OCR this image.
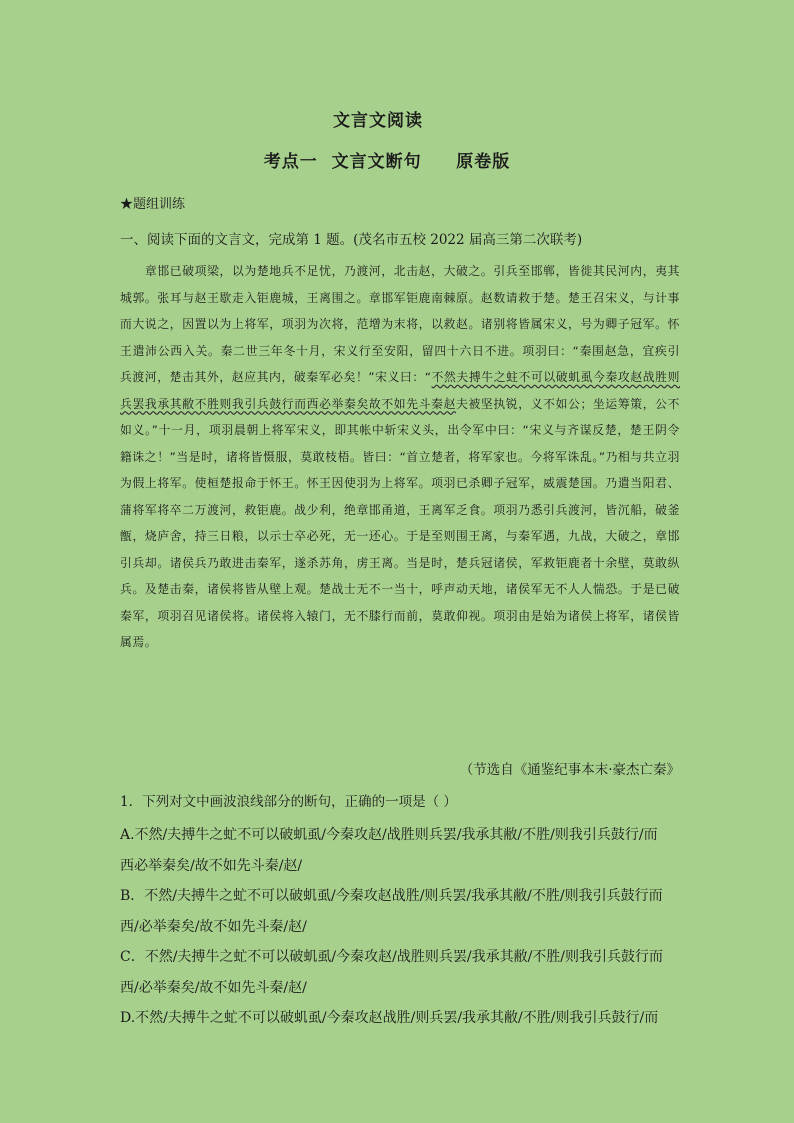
文言文阅读
考点一  文言文断句     原卷版
★题组训练
一、阅读下面的文言文，完成第 1 题。(茂名市五校 2022 届高三第二次联考)
　　章邯已破项梁，以为楚地兵不足忧，乃渡河，北击赵，大破之。引兵至邯郸，皆徙其民河内，夷其城郭。张耳与赵王歇走入钜鹿城，王离围之。章邯军钜鹿南棘原。赵数请救于楚。楚王召宋义，与计事而大说之，因置以为上将军，项羽为次将，范增为末将，以救赵。诸别将皆属宋义，号为卿子冠军。怀王遣沛公西入关。秦二世三年冬十月，宋义行至安阳，留四十六日不进。项羽曰：“秦围赵急，宜疾引兵渡河，楚击其外，赵应其内，破秦军必矣！”宋义曰：“不然夫搏牛之蛀不可以破虮虱今秦攻赵战胜则兵罢我承其敝不胜则我引兵鼓行而西必举秦矣故不如先斗秦赵夫被坚执锐，义不如公；坐运筹策，公不如义。”十一月，项羽晨朝上将军宋义，即其帐中斩宋义头，出令军中曰：“宋义与齐谋反楚，楚王阴令籍诛之！”当是时，诸将皆慑服，莫敢枝梧。皆曰：“首立楚者，将军家也。今将军诛乱。”乃相与共立羽为假上将军。使桓楚报命于怀王。怀王因使羽为上将军。项羽已杀卿子冠军，威震楚国。乃遣当阳君、蒲将军将卒二万渡河，救钜鹿。战少利，绝章邯甬道，王离军乏食。项羽乃悉引兵渡河，皆沉船，破釜甑，烧庐舍，持三日粮，以示士卒必死，无一还心。于是至则围王离，与秦军遇，九战，大破之，章邯引兵却。诸侯兵乃敢进击秦军，遂杀苏角，虏王离。当是时，楚兵冠诸侯，军救钜鹿者十余壁，莫敢纵兵。及楚击秦，诸侯将皆从壁上观。楚战士无不一当十，呼声动天地，诸侯军无不人人惴恐。于是已破秦军，项羽召见诸侯将。诸侯将入辕门，无不膝行而前，莫敢仰视。项羽由是始为诸侯上将军，诸侯皆属焉。
（节选自《通鉴纪事本末·豪杰亡秦》
1．下列对文中画波浪线部分的断句，正确的一项是（ ）
A.不然/夫搏牛之虻不可以破虮虱/今秦攻赵/战胜则兵罢/我承其敝/不胜/则我引兵鼓行/而
西必举秦矣/故不如先斗秦/赵/
B．不然/夫搏牛之虻不可以破虮虱/今秦攻赵战胜/则兵罢/我承其敝/不胜/则我引兵鼓行而
西/必举秦矣/故不如先斗秦/赵/
C．不然/夫搏牛之虻不可以破虮虱/今秦攻赵/战胜则兵罢/我承其敝/不胜/则我引兵鼓行而
西/必举秦矣/故不如先斗秦/赵/
D.不然/夫搏牛之虻不可以破虮虱/今秦攻赵战胜/则兵罢/我承其敝/不胜/则我引兵鼓行/而
